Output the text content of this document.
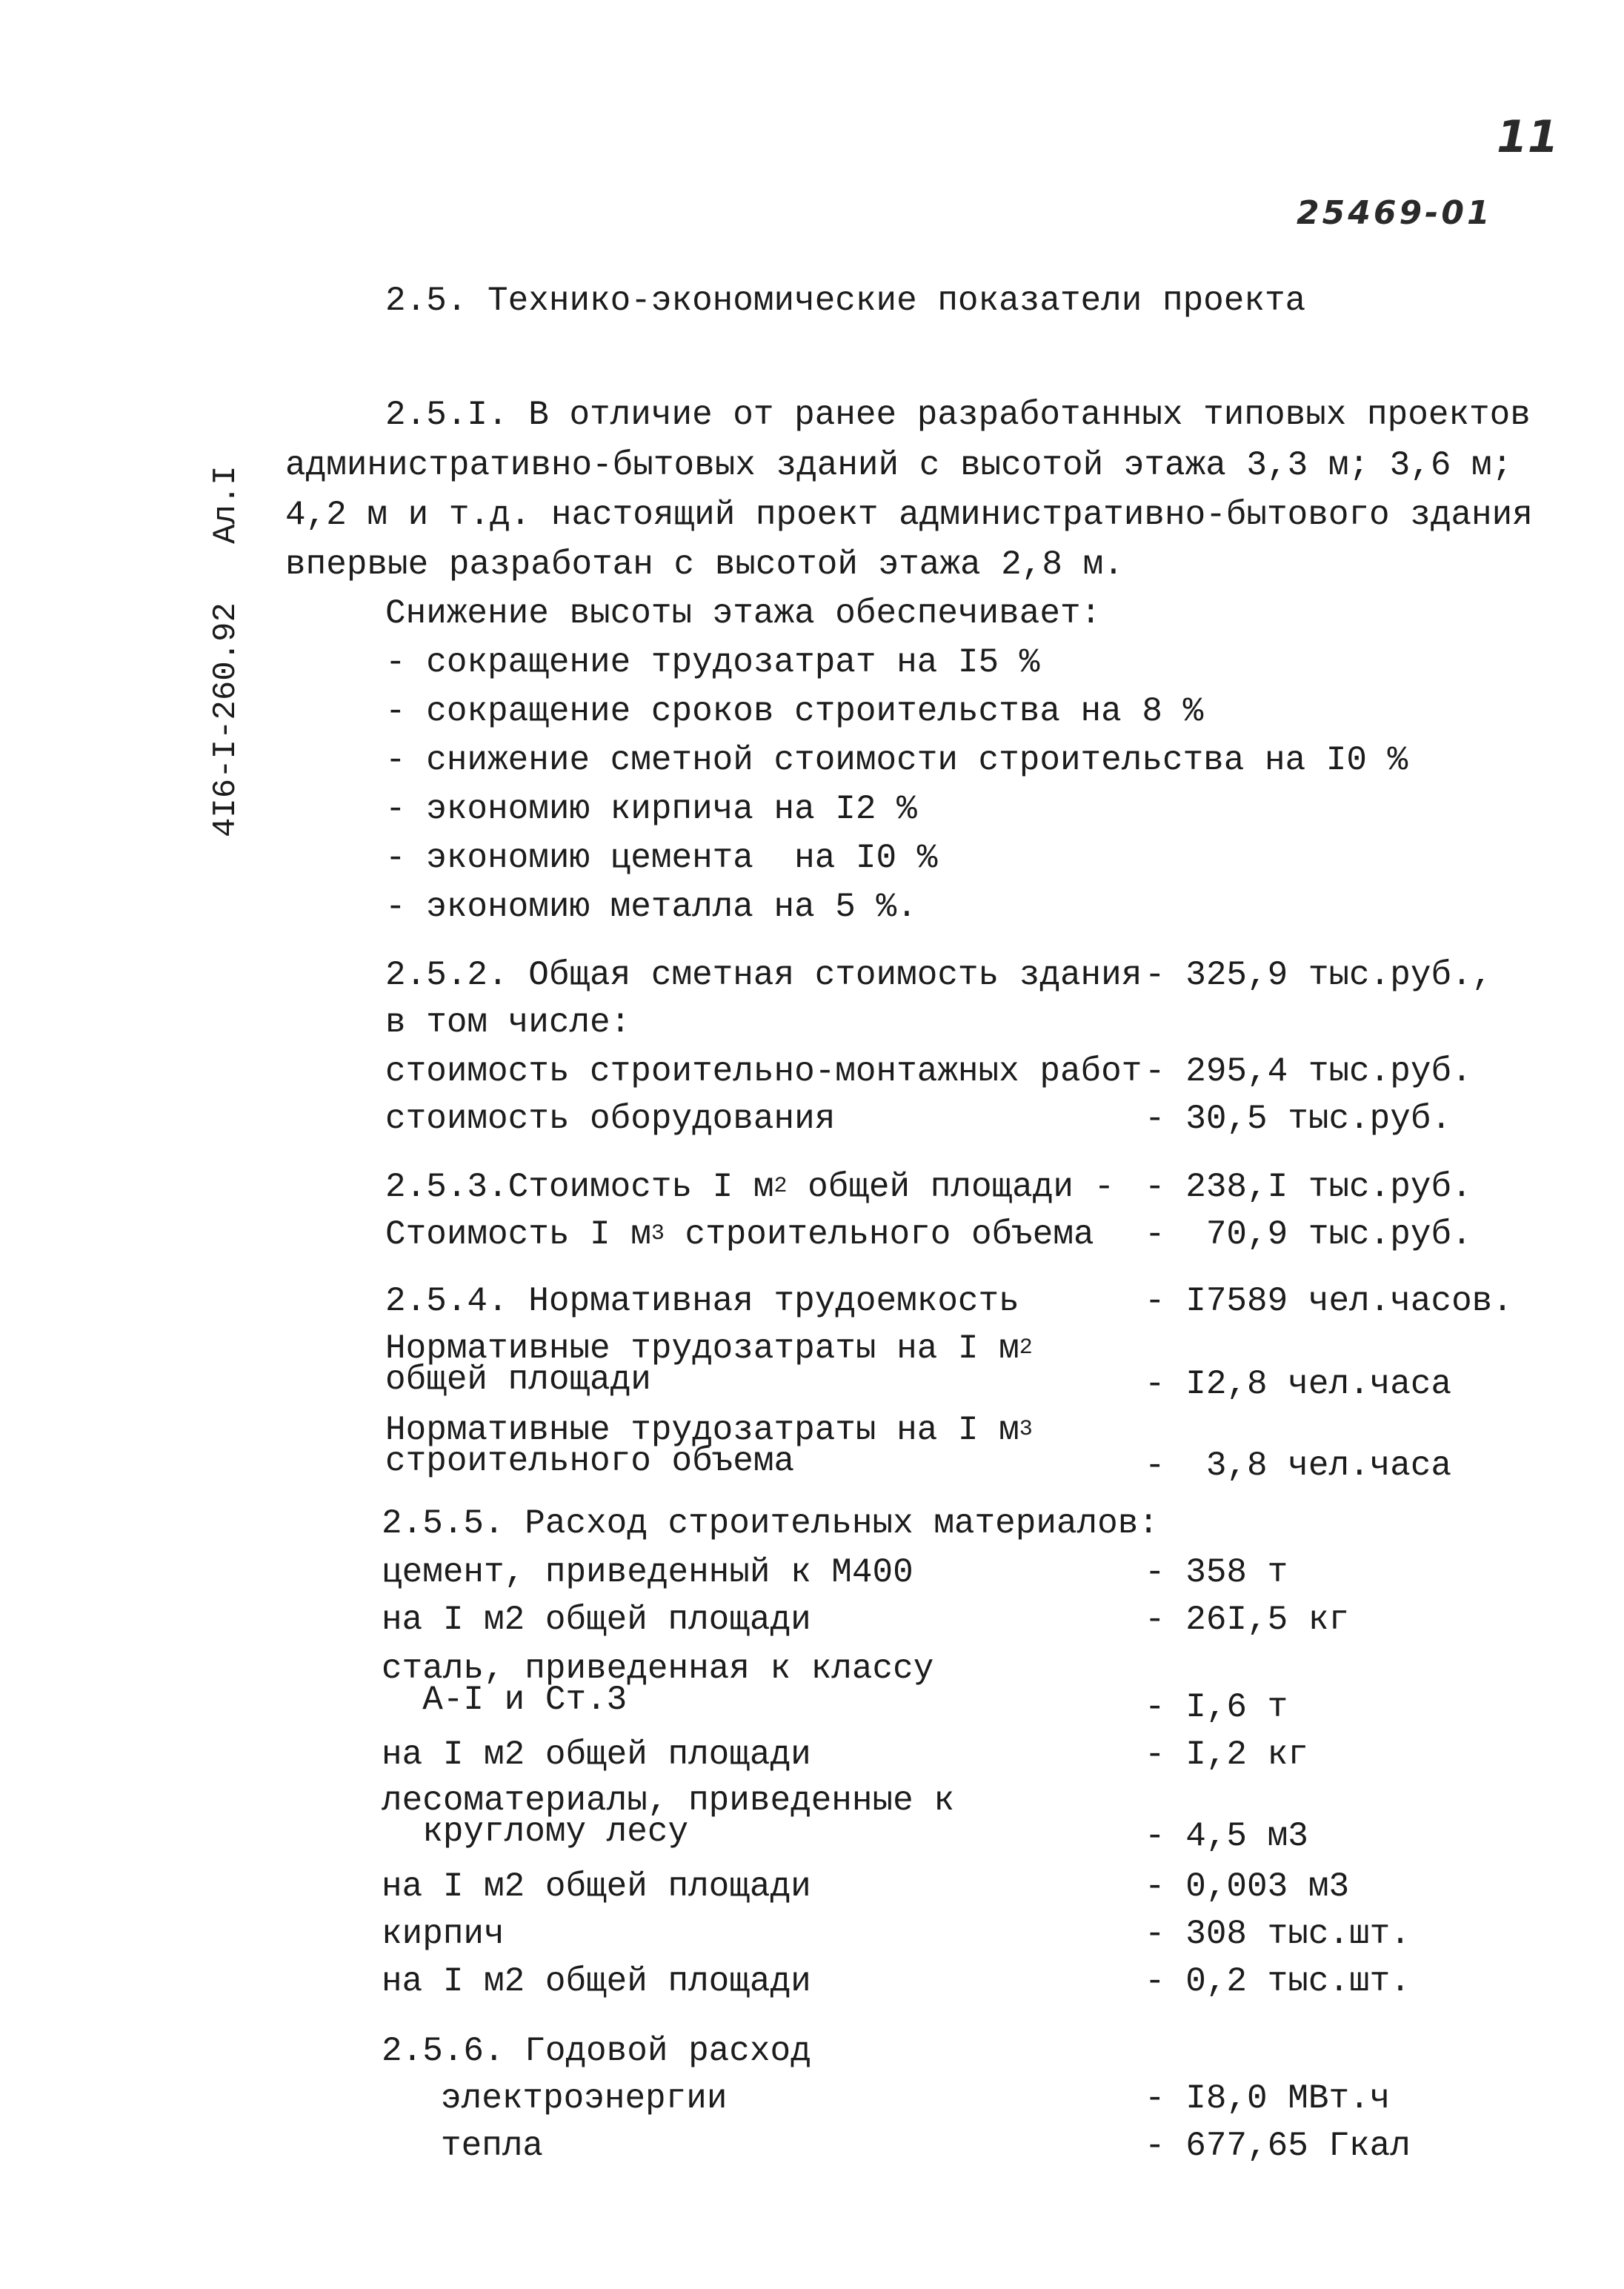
11
25469-01
4I6-I-260.92   Ал.I
2.5. Технико-экономические показатели проекта
2.5.I. В отличие от ранее разработанных типовых проектов
административно-бытовых зданий с высотой этажа 3,3 м; 3,6 м;
4,2 м и т.д. настоящий проект административно-бытового здания
впервые разработан с высотой этажа 2,8 м.
Снижение высоты этажа обеспечивает:
- сокращение трудозатрат на I5 %
- сокращение сроков строительства на 8 %
- снижение сметной стоимости строительства на I0 %
- экономию кирпича на I2 %
- экономию цемента  на I0 %
- экономию металла на 5 %.
2.5.2. Общая сметная стоимость здания - 325,9 тыс.руб.,
в том числе:
стоимость строительно-монтажных работ - 295,4 тыс.руб.
стоимость оборудования	- 30,5 тыс.руб.
2.5.3.Стоимость I $м^2$ общей площади - - 238,I тыс.руб.
Стоимость I $м^3$ строительного объема -  70,9 тыс.руб.
2.5.4. Нормативная трудоемкость	- I7589 чел.часов.
Нормативные трудозатраты на I $м^2$
общей площади	- I2,8 чел.часа
Нормативные трудозатраты на I $м^3$
строительного объема	-  3,8 чел.часа
2.5.5. Расход строительных материалов:
цемент, приведенный к М400	- 358 т
на I м2 общей площади	- 26I,5 кг
сталь, приведенная к классу
А-I и Ст.3	- I,6 т
на I м2 общей площади	- I,2 кг
лесоматериалы, приведенные к
круглому лесу	- 4,5 м3
на I м2 общей площади	- 0,003 м3
кирпич	- 308 тыс.шт.
на I м2 общей площади	- 0,2 тыс.шт.
2.5.6. Годовой расход
электроэнергии	- I8,0 МВт.ч
тепла	- 677,65 Гкал
